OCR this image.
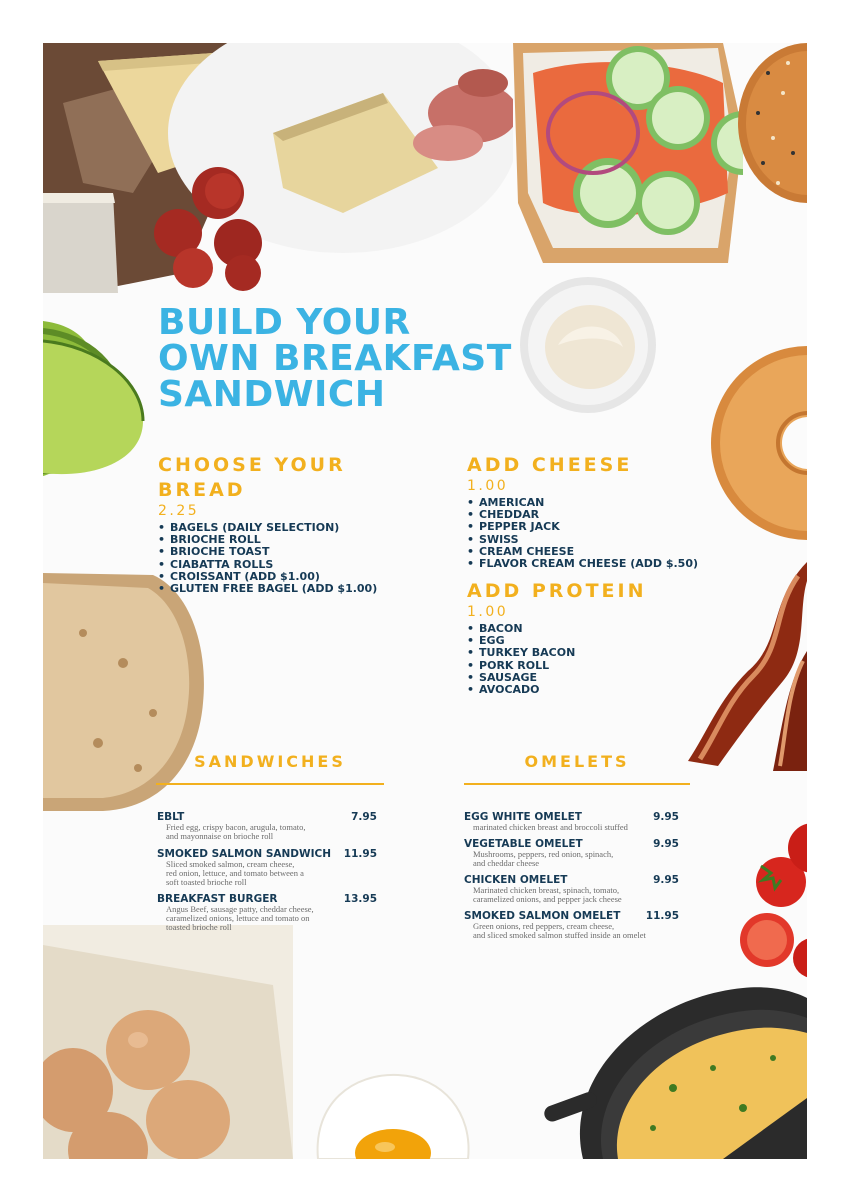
BUILD YOUR
OWN BREAKFAST
SANDWICH
CHOOSE YOUR
BREAD
2.25
• BAGELS (DAILY SELECTION)
• BRIOCHE ROLL
• BRIOCHE TOAST
• CIABATTA ROLLS
• CROISSANT (ADD $1.00)
• GLUTEN FREE BAGEL (ADD $1.00)
ADD CHEESE
1.00
• AMERICAN
• CHEDDAR
• PEPPER JACK
• SWISS
• CREAM CHEESE
• FLAVOR CREAM CHEESE (ADD $.50)
ADD PROTEIN
1.00
• BACON
• EGG
• TURKEY BACON
• PORK ROLL
• SAUSAGE
• AVOCADO
SANDWICHES	OMELETS
EBLT	7.95
Fried egg, crispy bacon, arugula, tomato,
and mayonnaise on brioche roll
SMOKED SALMON SANDWICH 11.95
Sliced smoked salmon, cream cheese,
red onion, lettuce, and tomato between a
soft toasted brioche roll
BREAKFAST BURGER	13.95
Angus Beef, sausage patty, cheddar cheese,
caramelized onions, lettuce and tomato on
toasted brioche roll
EGG WHITE OMELET	9.95
marinated chicken breast and broccoli stuffed
VEGETABLE OMELET	9.95
Mushrooms, peppers, red onion, spinach,
and cheddar cheese
CHICKEN OMELET	9.95
Marinated chicken breast, spinach, tomato,
caramelized onions, and pepper jack cheese
SMOKED SALMON OMELET 11.95
Green onions, red peppers, cream cheese,
and sliced smoked salmon stuffed inside an omelet
